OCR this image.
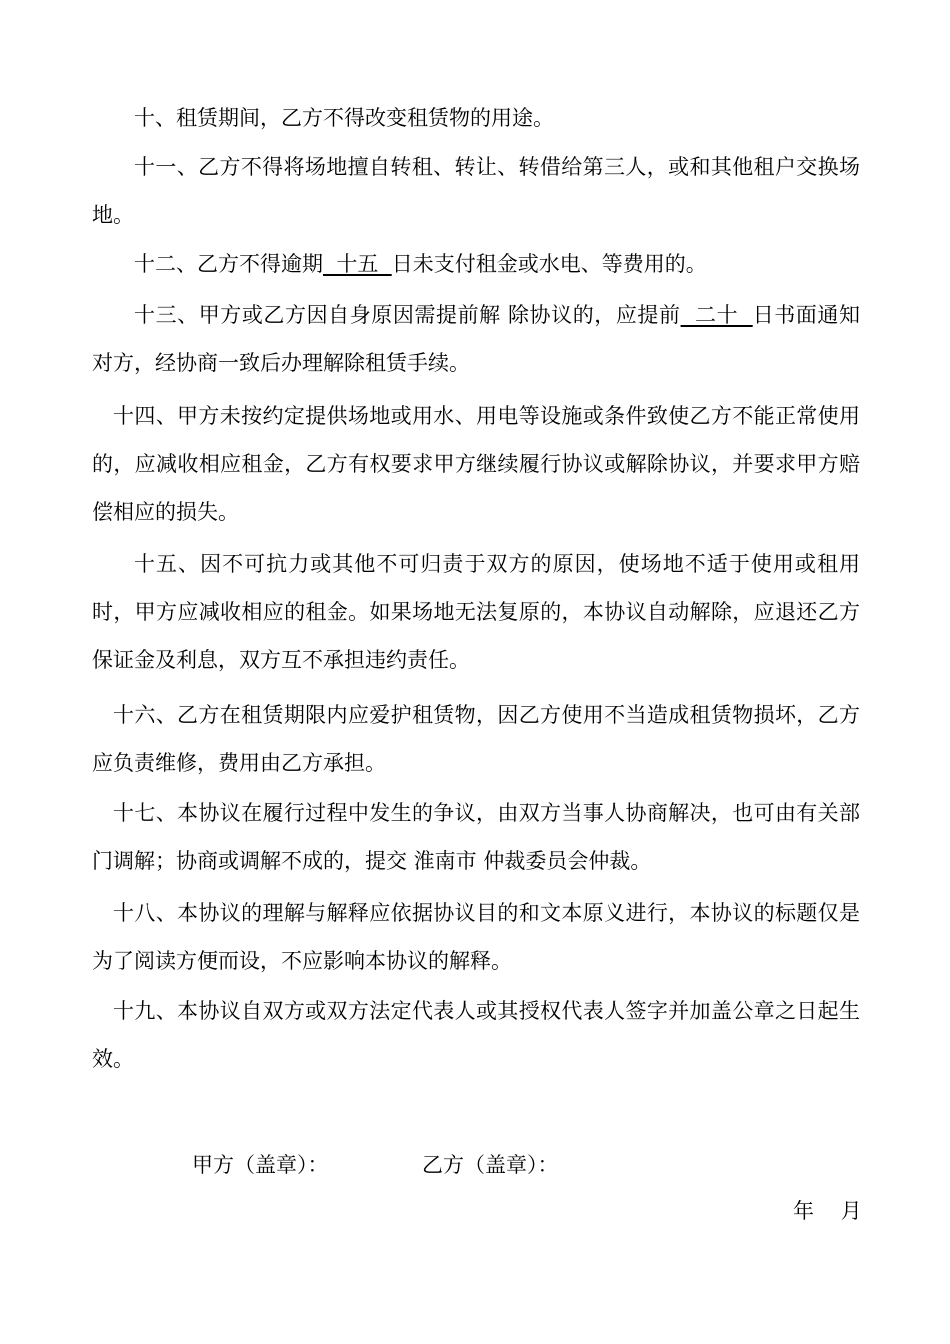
十、租赁期间，乙方不得改变租赁物的用途。

十一、乙方不得将场地擅自转租、转让、转借给第三人，或和其他租户交换场地。

十二、乙方不得逾期  十五  日未支付租金或水电、等费用的。

十三、甲方或乙方因自身原因需提前解 除协议的，应提前  二十  日书面通知对方，经协商一致后办理解除租赁手续。

十四、甲方未按约定提供场地或用水、用电等设施或条件致使乙方不能正常使用的，应减收相应租金，乙方有权要求甲方继续履行协议或解除协议，并要求甲方赔偿相应的损失。

十五、因不可抗力或其他不可归责于双方的原因，使场地不适于使用或租用时，甲方应减收相应的租金。如果场地无法复原的，本协议自动解除，应退还乙方保证金及利息，双方互不承担违约责任。

十六、乙方在租赁期限内应爱护租赁物，因乙方使用不当造成租赁物损坏，乙方应负责维修，费用由乙方承担。

十七、本协议在履行过程中发生的争议，由双方当事人协商解决，也可由有关部门调解；协商或调解不成的，提交 淮南市 仲裁委员会仲裁。

十八、本协议的理解与解释应依据协议目的和文本原义进行，本协议的标题仅是为了阅读方便而设，不应影响本协议的解释。

十九、本协议自双方或双方法定代表人或其授权代表人签字并加盖公章之日起生效。

甲方（盖章）：	乙方（盖章）：
年    月
